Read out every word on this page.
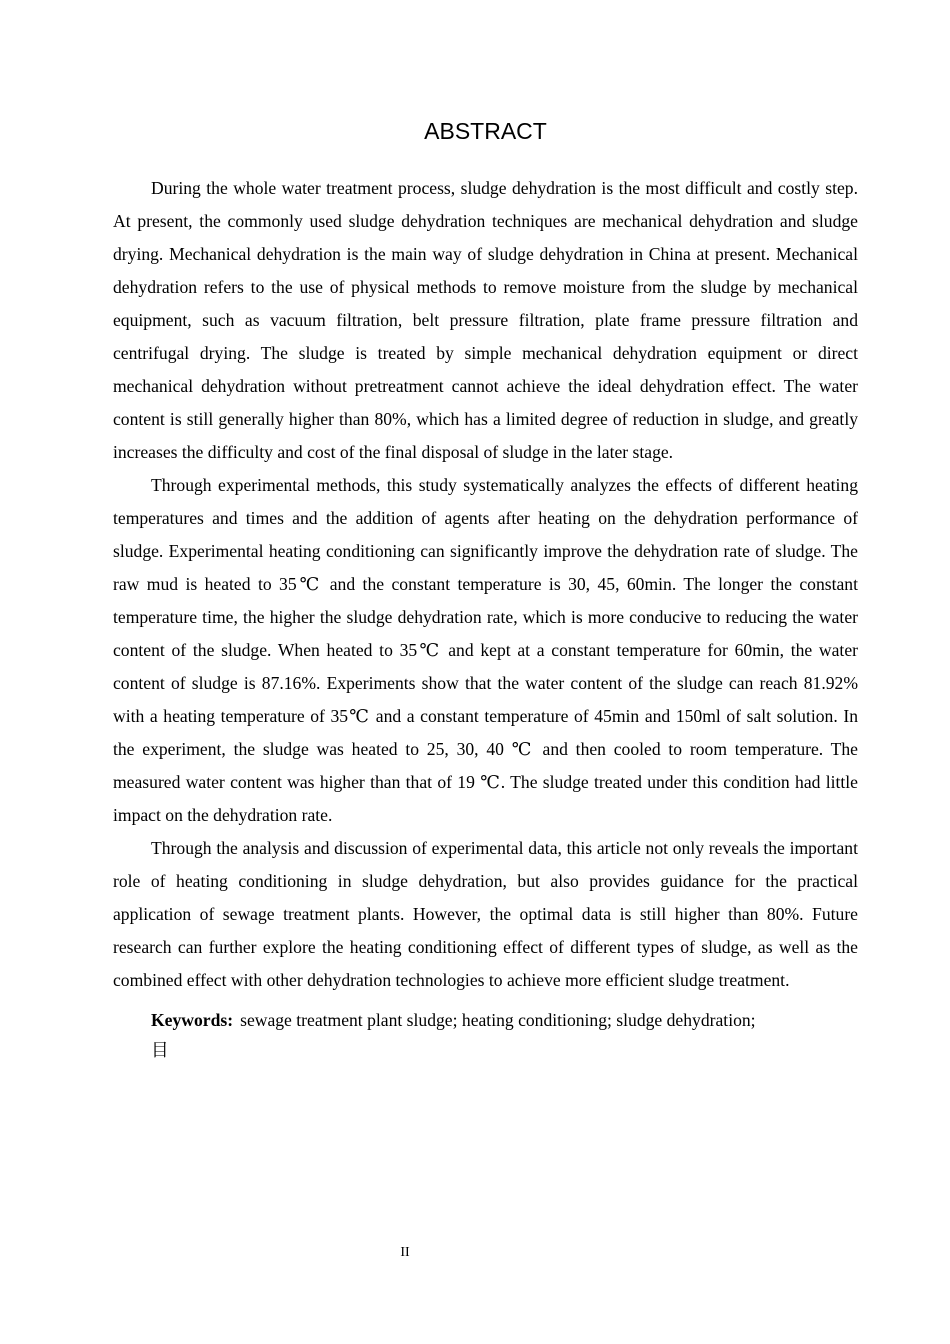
ABSTRACT

During the whole water treatment process, sludge dehydration is the most difficult and costly step. At present, the commonly used sludge dehydration techniques are mechanical dehydration and sludge drying. Mechanical dehydration is the main way of sludge dehydration in China at present. Mechanical dehydration refers to the use of physical methods to remove moisture from the sludge by mechanical equipment, such as vacuum filtration, belt pressure filtration, plate frame pressure filtration and centrifugal drying. The sludge is treated by simple mechanical dehydration equipment or direct mechanical dehydration without pretreatment cannot achieve the ideal dehydration effect. The water content is still generally higher than 80%, which has a limited degree of reduction in sludge, and greatly increases the difficulty and cost of the final disposal of sludge in the later stage.

Through experimental methods, this study systematically analyzes the effects of different heating temperatures and times and the addition of agents after heating on the dehydration performance of sludge. Experimental heating conditioning can significantly improve the dehydration rate of sludge. The raw mud is heated to 35℃ and the constant temperature is 30, 45, 60min. The longer the constant temperature time, the higher the sludge dehydration rate, which is more conducive to reducing the water content of the sludge. When heated to 35℃ and kept at a constant temperature for 60min, the water content of sludge is 87.16%. Experiments show that the water content of the sludge can reach 81.92% with a heating temperature of 35℃ and a constant temperature of 45min and 150ml of salt solution. In the experiment, the sludge was heated to 25, 30, 40 ℃ and then cooled to room temperature. The measured water content was higher than that of 19 ℃. The sludge treated under this condition had little impact on the dehydration rate.

Through the analysis and discussion of experimental data, this article not only reveals the important role of heating conditioning in sludge dehydration, but also provides guidance for the practical application of sewage treatment plants. However, the optimal data is still higher than 80%. Future research can further explore the heating conditioning effect of different types of sludge, as well as the combined effect with other dehydration technologies to achieve more efficient sludge treatment.

Keywords: sewage treatment plant sludge; heating conditioning; sludge dehydration;

目

II
